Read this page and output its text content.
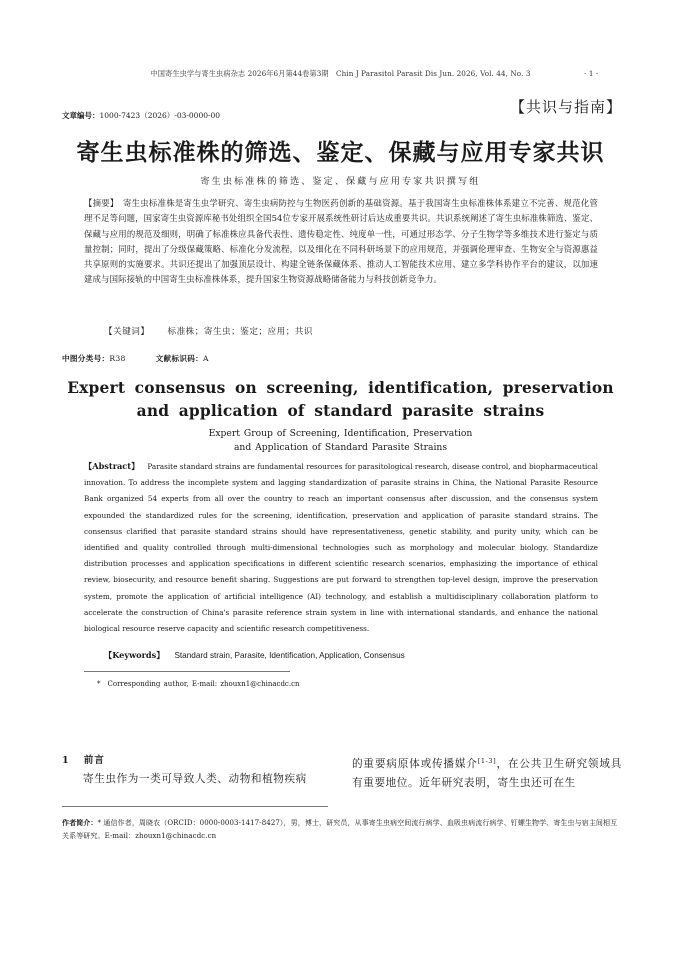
中国寄生虫学与寄生虫病杂志 2026年6月第44卷第3期　Chin J Parasitol Parasit Dis Jun. 2026, Vol. 44, No. 3	· 1 ·
文章编号：1000-7423（2026）-03-0000-00	【共识与指南】
寄生虫标准株的筛选、鉴定、保藏与应用专家共识
寄生虫标准株的筛选、鉴定、保藏与应用专家共识撰写组
【摘要】　 寄生虫标准株是寄生虫学研究、寄生虫病防控与生物医药创新的基础资源。基于我国寄生虫标准株体系建立不完善、规范化管理不足等问题，国家寄生虫资源库秘书处组织全国54位专家开展系统性研讨后达成重要共识。共识系统阐述了寄生虫标准株筛选、鉴定、保藏与应用的规范及细则，明确了标准株应具备代表性、遗传稳定性、纯度单一性，可通过形态学、分子生物学等多维技术进行鉴定与质量控制；同时，提出了分级保藏策略、标准化分发流程，以及细化在不同科研场景下的应用规范，并强调伦理审查、生物安全与资源惠益共享原则的实施要求。共识还提出了加强顶层设计、构建全链条保藏体系、推动人工智能技术应用、建立多学科协作平台的建议，以加速建成与国际接轨的中国寄生虫标准株体系，提升国家生物资源战略储备能力与科技创新竞争力。
【关键词】 标准株；寄生虫；鉴定；应用；共识
中图分类号：R38	文献标识码：A
Expert consensus on screening, identification, preservation
and application of standard parasite strains
Expert Group of Screening, Identification, Preservation
and Application of Standard Parasite Strains
【Abstract】 Parasite standard strains are fundamental resources for parasitological research, disease control, and biopharmaceutical innovation. To address the incomplete system and lagging standardization of parasite strains in China, the National Parasite Resource Bank organized 54 experts from all over the country to reach an important consensus after discussion, and the consensus system expounded the standardized rules for the screening, identification, preservation and application of parasite standard strains. The consensus clarified that parasite standard strains should have representativeness, genetic stability, and purity unity, which can be identified and quality controlled through multi-dimensional technologies such as morphology and molecular biology. Standardize distribution processes and application specifications in different scientific research scenarios, emphasizing the importance of ethical review, biosecurity, and resource benefit sharing. Suggestions are put forward to strengthen top-level design, improve the preservation system, promote the application of artificial intelligence (AI) technology, and establish a multidisciplinary collaboration platform to accelerate the construction of China's parasite reference strain system in line with international standards, and enhance the national biological resource reserve capacity and scientific research competitiveness.
【Keywords】 Standard strain, Parasite, Identification, Application, Consensus
*　Corresponding author, E-mail: zhouxn1@chinacdc.cn
1 前言
寄生虫作为一类可导致人类、动物和植物疾病
的重要病原体或传播媒介[1-3]，在公共卫生研究领域具有重要地位。近年研究表明，寄生虫还可在生
作者简介：* 通信作者，周晓农（ORCID：0000-0003-1417-8427），男，博士，研究员，从事寄生虫病空间流行病学、血吸虫病流行病学、钉螺生物学、寄生虫与宿主间相互关系等研究。E-mail：zhouxn1@chinacdc.cn
